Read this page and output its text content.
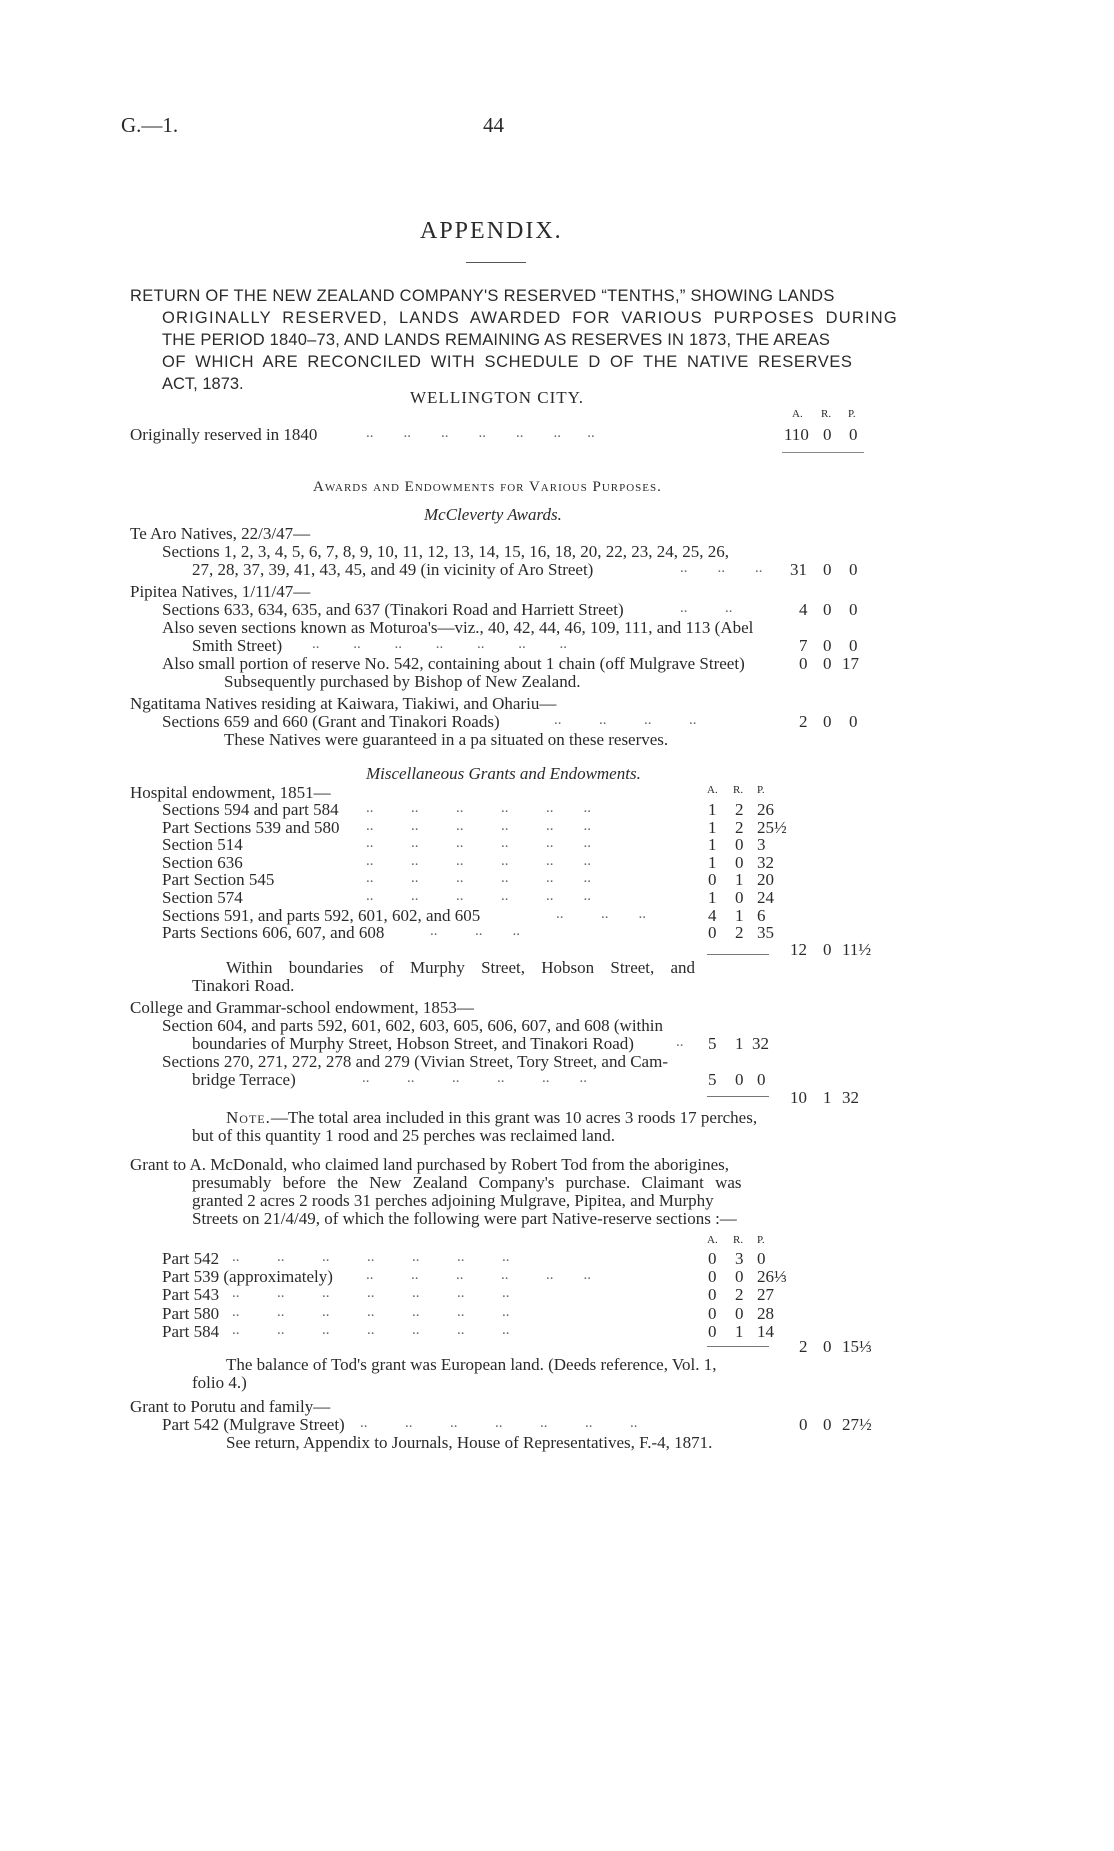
G.—1.	44
APPENDIX.
RETURN OF THE NEW ZEALAND COMPANY'S RESERVED “TENTHS,” SHOWING LANDS
ORIGINALLY RESERVED, LANDS AWARDED FOR VARIOUS PURPOSES DURING
THE PERIOD 1840–73, AND LANDS REMAINING AS RESERVES IN 1873, THE AREAS
OF WHICH ARE RECONCILED WITH SCHEDULE D OF THE NATIVE RESERVES
ACT, 1873.
WELLINGTON CITY.
A. R. P.
Originally reserved in 1840	..        ..        ..        ..        ..        ..       ..	110 0 0
Awards and Endowments for Various Purposes.
McCleverty Awards.
Te Aro Natives, 22/3/47—
Sections 1, 2, 3, 4, 5, 6, 7, 8, 9, 10, 11, 12, 13, 14, 15, 16, 18, 20, 22, 23, 24, 25, 26,
27, 28, 37, 39, 41, 43, 45, and 49 (in vicinity of Aro Street)	..        ..        .. 31 0 0
Pipitea Natives, 1/11/47—
Sections 633, 634, 635, and 637 (Tinakori Road and Harriett Street)	..          ..	4 0 0
Also seven sections known as Moturoa's—viz., 40, 42, 44, 46, 109, 111, and 113 (Abel
Smith Street) ..         ..         ..         ..         ..         ..         ..	7 0 0
Also small portion of reserve No. 542, containing about 1 chain (off Mulgrave Street)	0 0 17
Subsequently purchased by Bishop of New Zealand.
Ngatitama Natives residing at Kaiwara, Tiakiwi, and Ohariu—
Sections 659 and 660 (Grant and Tinakori Roads)	..          ..          ..          ..	2 0 0
These Natives were guaranteed in a pa situated on these reserves.
Miscellaneous Grants and Endowments.
Hospital endowment, 1851—	A. R. P.
Sections 594 and part 584 ..          ..          ..          ..          ..        ..	1 2 26
Part Sections 539 and 580 ..          ..          ..          ..          ..        ..	1 2 25½
Section 514	..          ..          ..          ..          ..        ..	1 0 3
Section 636	..          ..          ..          ..          ..        ..	1 0 32
Part Section 545	..          ..          ..          ..          ..        ..	0 1 20
Section 574	..          ..          ..          ..          ..        ..	1 0 24
Sections 591, and parts 592, 601, 602, and 605	..          ..        ..	4 1 6
Parts Sections 606, 607, and 608	..          ..        ..	0 2 35
12 0 11½
Within boundaries of Murphy Street, Hobson Street, and
Tinakori Road.
College and Grammar-school endowment, 1853—
Section 604, and parts 592, 601, 602, 603, 605, 606, 607, and 608 (within
boundaries of Murphy Street, Hobson Street, and Tinakori Road)	.. 5 1 32
Sections 270, 271, 272, 278 and 279 (Vivian Street, Tory Street, and Cam-
bridge Terrace)	..          ..          ..          ..          ..        ..	5 0 0
10 1 32
Note.—The total area included in this grant was 10 acres 3 roods 17 perches,
but of this quantity 1 rood and 25 perches was reclaimed land.
Grant to A. McDonald, who claimed land purchased by Robert Tod from the aborigines,
presumably before the New Zealand Company's purchase. Claimant was
granted 2 acres 2 roods 31 perches adjoining Mulgrave, Pipitea, and Murphy
Streets on 21/4/49, of which the following were part Native-reserve sections :—
A. R. P.
Part 542 ..          ..          ..          ..          ..          ..          ..	0 3 0
Part 539 (approximately) ..          ..          ..          ..          ..        ..	0 0 26⅓
Part 543 ..          ..          ..          ..          ..          ..          ..	0 2 27
Part 580 ..          ..          ..          ..          ..          ..          ..	0 0 28
Part 584 ..          ..          ..          ..          ..          ..          ..	0 1 14
2 0 15⅓
The balance of Tod's grant was European land. (Deeds reference, Vol. 1,
folio 4.)
Grant to Porutu and family—
Part 542 (Mulgrave Street) ..          ..          ..          ..          ..          ..          ..	0 0 27½
See return, Appendix to Journals, House of Representatives, F.-4, 1871.
